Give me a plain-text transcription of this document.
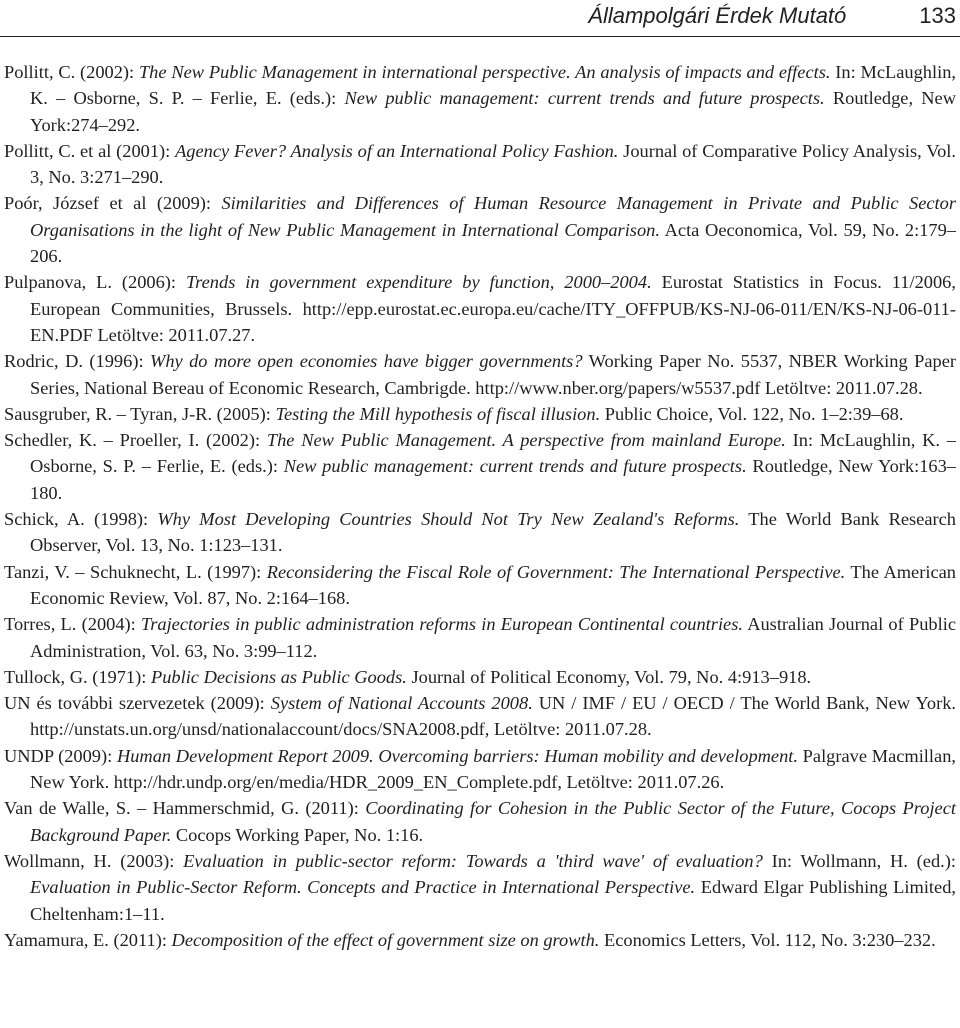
Állampolgári Érdek Mutató	133
Pollitt, C. (2002): The New Public Management in international perspective. An analysis of impacts and effects. In: McLaughlin, K. – Osborne, S. P. – Ferlie, E. (eds.): New public management: current trends and future prospects. Routledge, New York:274–292.
Pollitt, C. et al (2001): Agency Fever? Analysis of an International Policy Fashion. Journal of Comparative Policy Analysis, Vol. 3, No. 3:271–290.
Poór, József et al (2009): Similarities and Differences of Human Resource Management in Private and Public Sector Organisations in the light of New Public Management in International Comparison. Acta Oeconomica, Vol. 59, No. 2:179–206.
Pulpanova, L. (2006): Trends in government expenditure by function, 2000–2004. Eurostat Statistics in Focus. 11/2006, European Communities, Brussels. http://epp.eurostat.ec.europa.eu/cache/ITY_OFFPUB/KS-NJ-06-011/EN/KS-NJ-06-011-EN.PDF Letöltve: 2011.07.27.
Rodric, D. (1996): Why do more open economies have bigger governments? Working Paper No. 5537, NBER Working Paper Series, National Bereau of Economic Research, Cambrigde. http://www.nber.org/papers/w5537.pdf Letöltve: 2011.07.28.
Sausgruber, R. – Tyran, J-R. (2005): Testing the Mill hypothesis of fiscal illusion. Public Choice, Vol. 122, No. 1–2:39–68.
Schedler, K. – Proeller, I. (2002): The New Public Management. A perspective from mainland Europe. In: McLaughlin, K. – Osborne, S. P. – Ferlie, E. (eds.): New public management: current trends and future prospects. Routledge, New York:163–180.
Schick, A. (1998): Why Most Developing Countries Should Not Try New Zealand's Reforms. The World Bank Research Observer, Vol. 13, No. 1:123–131.
Tanzi, V. – Schuknecht, L. (1997): Reconsidering the Fiscal Role of Government: The International Perspective. The American Economic Review, Vol. 87, No. 2:164–168.
Torres, L. (2004): Trajectories in public administration reforms in European Continental countries. Australian Journal of Public Administration, Vol. 63, No. 3:99–112.
Tullock, G. (1971): Public Decisions as Public Goods. Journal of Political Economy, Vol. 79, No. 4:913–918.
UN és további szervezetek (2009): System of National Accounts 2008. UN / IMF / EU / OECD / The World Bank, New York. http://unstats.un.org/unsd/nationalaccount/docs/SNA2008.pdf, Letöltve: 2011.07.28.
UNDP (2009): Human Development Report 2009. Overcoming barriers: Human mobility and development. Palgrave Macmillan, New York. http://hdr.undp.org/en/media/HDR_2009_EN_Complete.pdf, Letöltve: 2011.07.26.
Van de Walle, S. – Hammerschmid, G. (2011): Coordinating for Cohesion in the Public Sector of the Future, Cocops Project Background Paper. Cocops Working Paper, No. 1:16.
Wollmann, H. (2003): Evaluation in public-sector reform: Towards a 'third wave' of evaluation? In: Wollmann, H. (ed.): Evaluation in Public-Sector Reform. Concepts and Practice in International Perspective. Edward Elgar Publishing Limited, Cheltenham:1–11.
Yamamura, E. (2011): Decomposition of the effect of government size on growth. Economics Letters, Vol. 112, No. 3:230–232.
